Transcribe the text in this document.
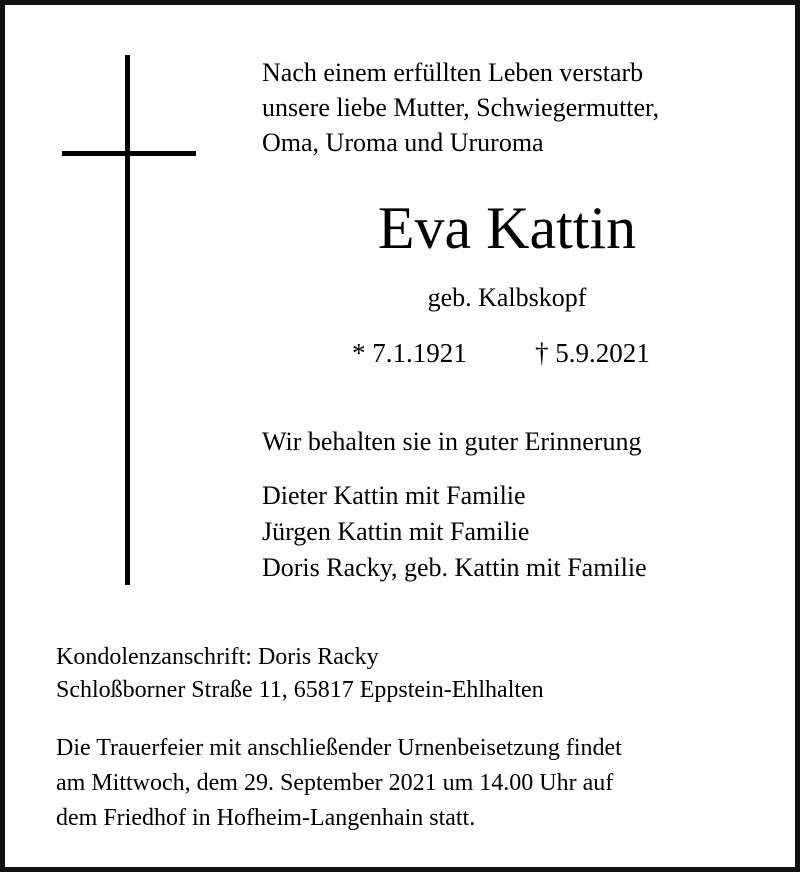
Nach einem erfüllten Leben verstarb
unsere liebe Mutter, Schwiegermutter,
Oma, Uroma und Ururoma
Eva Kattin
geb. Kalbskopf
* 7.1.1921	† 5.9.2021
Wir behalten sie in guter Erinnerung
Dieter Kattin mit Familie
Jürgen Kattin mit Familie
Doris Racky, geb. Kattin mit Familie
Kondolenzanschrift: Doris Racky
Schloßborner Straße 11, 65817 Eppstein-Ehlhalten
Die Trauerfeier mit anschließender Urnenbeisetzung findet
am Mittwoch, dem 29. September 2021 um 14.00 Uhr auf
dem Friedhof in Hofheim-Langenhain statt.
